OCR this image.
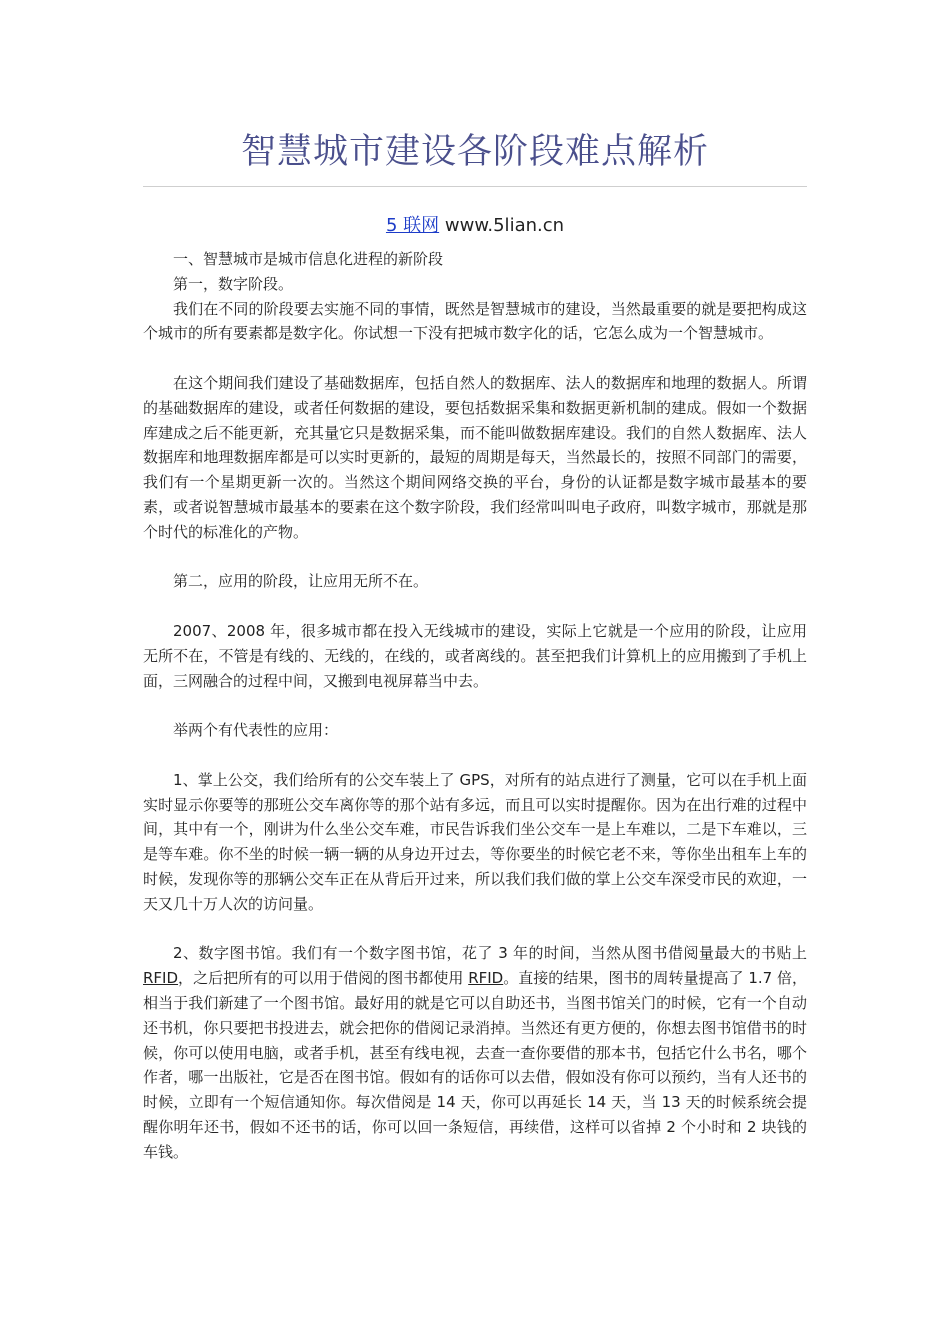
智慧城市建设各阶段难点解析
5 联网 www.5lian.cn

一、智慧城市是城市信息化进程的新阶段

第一，数字阶段。

我们在不同的阶段要去实施不同的事情，既然是智慧城市的建设，当然最重要的就是要把构成这个城市的所有要素都是数字化。你试想一下没有把城市数字化的话，它怎么成为一个智慧城市。

在这个期间我们建设了基础数据库，包括自然人的数据库、法人的数据库和地理的数据人。所谓的基础数据库的建设，或者任何数据的建设，要包括数据采集和数据更新机制的建成。假如一个数据库建成之后不能更新，充其量它只是数据采集，而不能叫做数据库建设。我们的自然人数据库、法人数据库和地理数据库都是可以实时更新的，最短的周期是每天，当然最长的，按照不同部门的需要，我们有一个星期更新一次的。当然这个期间网络交换的平台，身份的认证都是数字城市最基本的要素，或者说智慧城市最基本的要素在这个数字阶段，我们经常叫叫电子政府，叫数字城市，那就是那个时代的标准化的产物。

第二，应用的阶段，让应用无所不在。

2007、2008 年，很多城市都在投入无线城市的建设，实际上它就是一个应用的阶段，让应用无所不在，不管是有线的、无线的，在线的，或者离线的。甚至把我们计算机上的应用搬到了手机上面，三网融合的过程中间，又搬到电视屏幕当中去。

举两个有代表性的应用：

1、掌上公交，我们给所有的公交车装上了 GPS，对所有的站点进行了测量，它可以在手机上面实时显示你要等的那班公交车离你等的那个站有多远，而且可以实时提醒你。因为在出行难的过程中间，其中有一个，刚讲为什么坐公交车难，市民告诉我们坐公交车一是上车难以，二是下车难以，三是等车难。你不坐的时候一辆一辆的从身边开过去，等你要坐的时候它老不来，等你坐出租车上车的时候，发现你等的那辆公交车正在从背后开过来，所以我们我们做的掌上公交车深受市民的欢迎，一天又几十万人次的访问量。

2、数字图书馆。我们有一个数字图书馆，花了 3 年的时间，当然从图书借阅量最大的书贴上 RFID，之后把所有的可以用于借阅的图书都使用 RFID。直接的结果，图书的周转量提高了 1.7 倍，相当于我们新建了一个图书馆。最好用的就是它可以自助还书，当图书馆关门的时候，它有一个自动还书机，你只要把书投进去，就会把你的借阅记录消掉。当然还有更方便的，你想去图书馆借书的时候，你可以使用电脑，或者手机，甚至有线电视，去查一查你要借的那本书，包括它什么书名，哪个作者，哪一出版社，它是否在图书馆。假如有的话你可以去借，假如没有你可以预约，当有人还书的时候，立即有一个短信通知你。每次借阅是 14 天，你可以再延长 14 天，当 13 天的时候系统会提醒你明年还书，假如不还书的话，你可以回一条短信，再续借，这样可以省掉 2 个小时和 2 块钱的车钱。
